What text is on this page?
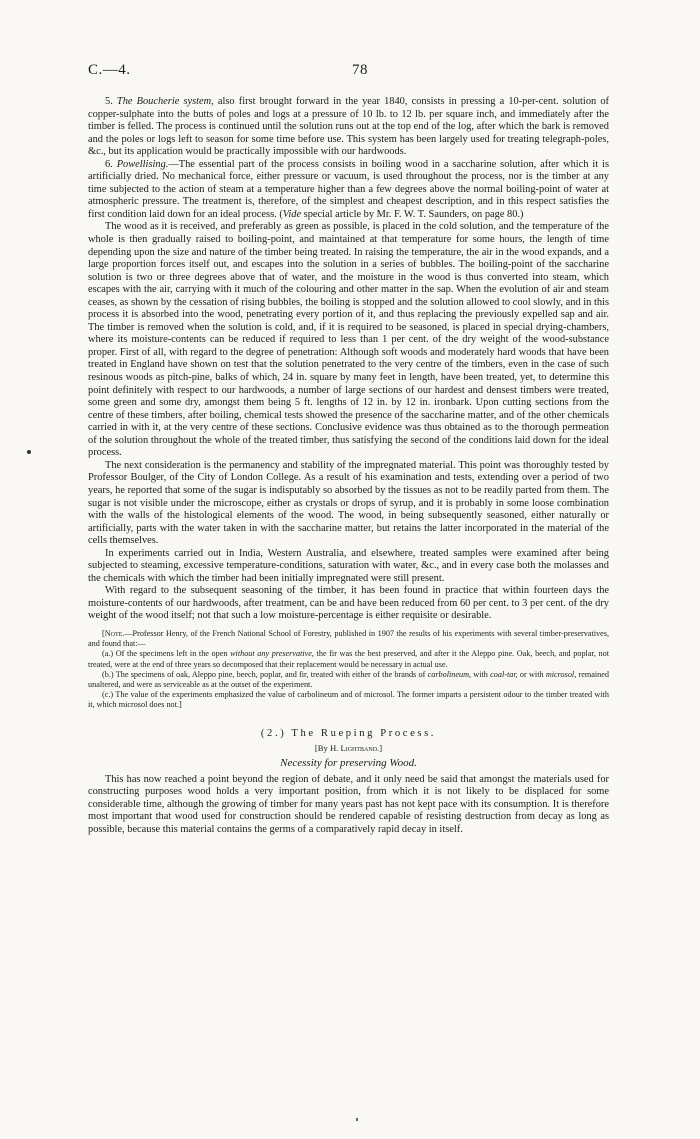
C.—4.	78

5. The Boucherie system, also first brought forward in the year 1840, consists in pressing a 10-per-cent. solution of copper-sulphate into the butts of poles and logs at a pressure of 10 lb. to 12 lb. per square inch, and immediately after the timber is felled. The process is continued until the solution runs out at the top end of the log, after which the bark is removed and the poles or logs left to season for some time before use. This system has been largely used for treating telegraph-poles, &c., but its application would be practically impossible with our hardwoods.

6. Powellising.—The essential part of the process consists in boiling wood in a saccharine solution, after which it is artificially dried. No mechanical force, either pressure or vacuum, is used throughout the process, nor is the timber at any time subjected to the action of steam at a temperature higher than a few degrees above the normal boiling-point of water at atmospheric pressure. The treatment is, therefore, of the simplest and cheapest description, and in this respect satisfies the first condition laid down for an ideal process. (Vide special article by Mr. F. W. T. Saunders, on page 80.)

The wood as it is received, and preferably as green as possible, is placed in the cold solution, and the temperature of the whole is then gradually raised to boiling-point, and maintained at that temperature for some hours, the length of time depending upon the size and nature of the timber being treated. In raising the temperature, the air in the wood expands, and a large proportion forces itself out, and escapes into the solution in a series of bubbles. The boiling-point of the saccharine solution is two or three degrees above that of water, and the moisture in the wood is thus converted into steam, which escapes with the air, carrying with it much of the colouring and other matter in the sap. When the evolution of air and steam ceases, as shown by the cessation of rising bubbles, the boiling is stopped and the solution allowed to cool slowly, and in this process it is absorbed into the wood, penetrating every portion of it, and thus replacing the previously expelled sap and air. The timber is removed when the solution is cold, and, if it is required to be seasoned, is placed in special drying-chambers, where its moisture-contents can be reduced if required to less than 1 per cent. of the dry weight of the wood-substance proper. First of all, with regard to the degree of penetration: Although soft woods and moderately hard woods that have been treated in England have shown on test that the solution penetrated to the very centre of the timbers, even in the case of such resinous woods as pitch-pine, balks of which, 24 in. square by many feet in length, have been treated, yet, to determine this point definitely with respect to our hardwoods, a number of large sections of our hardest and densest timbers were treated, some green and some dry, amongst them being 5 ft. lengths of 12 in. by 12 in. ironbark. Upon cutting sections from the centre of these timbers, after boiling, chemical tests showed the presence of the saccharine matter, and of the other chemicals carried in with it, at the very centre of these sections. Conclusive evidence was thus obtained as to the thorough permeation of the solution throughout the whole of the treated timber, thus satisfying the second of the conditions laid down for the ideal process.

The next consideration is the permanency and stability of the impregnated material. This point was thoroughly tested by Professor Boulger, of the City of London College. As a result of his examination and tests, extending over a period of two years, he reported that some of the sugar is indisputably so absorbed by the tissues as not to be readily parted from them. The sugar is not visible under the microscope, either as crystals or drops of syrup, and it is probably in some loose combination with the walls of the histological elements of the wood. The wood, in being subsequently seasoned, either naturally or artificially, parts with the water taken in with the saccharine matter, but retains the latter incorporated in the material of the cells themselves.

In experiments carried out in India, Western Australia, and elsewhere, treated samples were examined after being subjected to steaming, excessive temperature-conditions, saturation with water, &c., and in every case both the molasses and the chemicals with which the timber had been initially impregnated were still present.

With regard to the subsequent seasoning of the timber, it has been found in practice that within fourteen days the moisture-contents of our hardwoods, after treatment, can be and have been reduced from 60 per cent. to 3 per cent. of the dry weight of the wood itself; not that such a low moisture-percentage is either requisite or desirable.

[Note.—Professor Henry, of the French National School of Forestry, published in 1907 the results of his experiments with several timber-preservatives, and found that:—

(a.) Of the specimens left in the open without any preservative, the fir was the best preserved, and after it the Aleppo pine. Oak, beech, and poplar, not treated, were at the end of three years so decomposed that their replacement would be necessary in actual use.

(b.) The specimens of oak, Aleppo pine, beech, poplar, and fir, treated with either of the brands of carbolineum, with coal-tar, or with microsol, remained unaltered, and were as serviceable as at the outset of the experiment.

(c.) The value of the experiments emphasized the value of carbolineum and of microsol. The former imparts a persistent odour to the timber treated with it, which microsol does not.]

(2.) The Rueping Process.

[By H. Lightband.]

Necessity for preserving Wood.

This has now reached a point beyond the region of debate, and it only need be said that amongst the materials used for constructing purposes wood holds a very important position, from which it is not likely to be displaced for some considerable time, although the growing of timber for many years past has not kept pace with its consumption. It is therefore most important that wood used for construction should be rendered capable of resisting destruction from decay as long as possible, because this material contains the germs of a comparatively rapid decay in itself.
